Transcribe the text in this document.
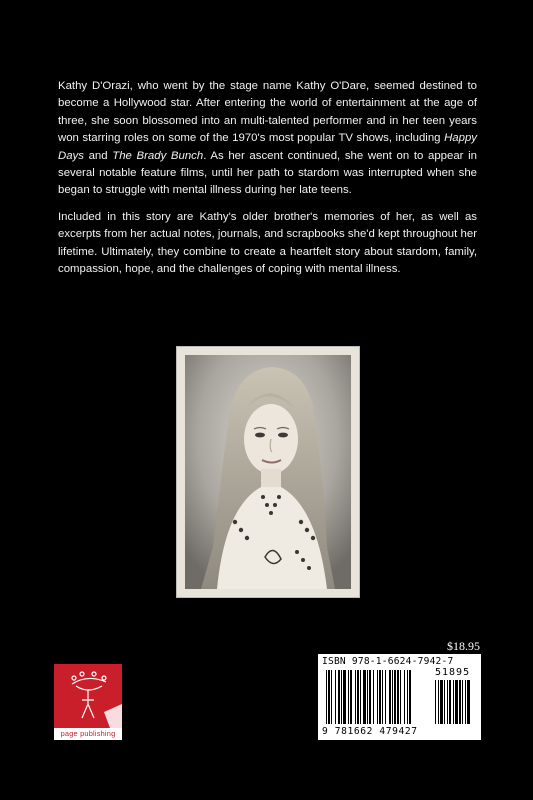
Kathy D'Orazi, who went by the stage name Kathy O'Dare, seemed destined to become a Hollywood star. After entering the world of entertainment at the age of three, she soon blossomed into an multi-talented performer and in her teen years won starring roles on some of the 1970's most popular TV shows, including Happy Days and The Brady Bunch. As her ascent continued, she went on to appear in several notable feature films, until her path to stardom was interrupted when she began to struggle with mental illness during her late teens.

Included in this story are Kathy's older brother's memories of her, as well as excerpts from her actual notes, journals, and scrapbooks she'd kept throughout her lifetime. Ultimately, they combine to create a heartfelt story about stardom, family, compassion, hope, and the challenges of coping with mental illness.

$18.95
ISBN 978-1-6624-7942-7
51895
9 781662 479427
page publishing
